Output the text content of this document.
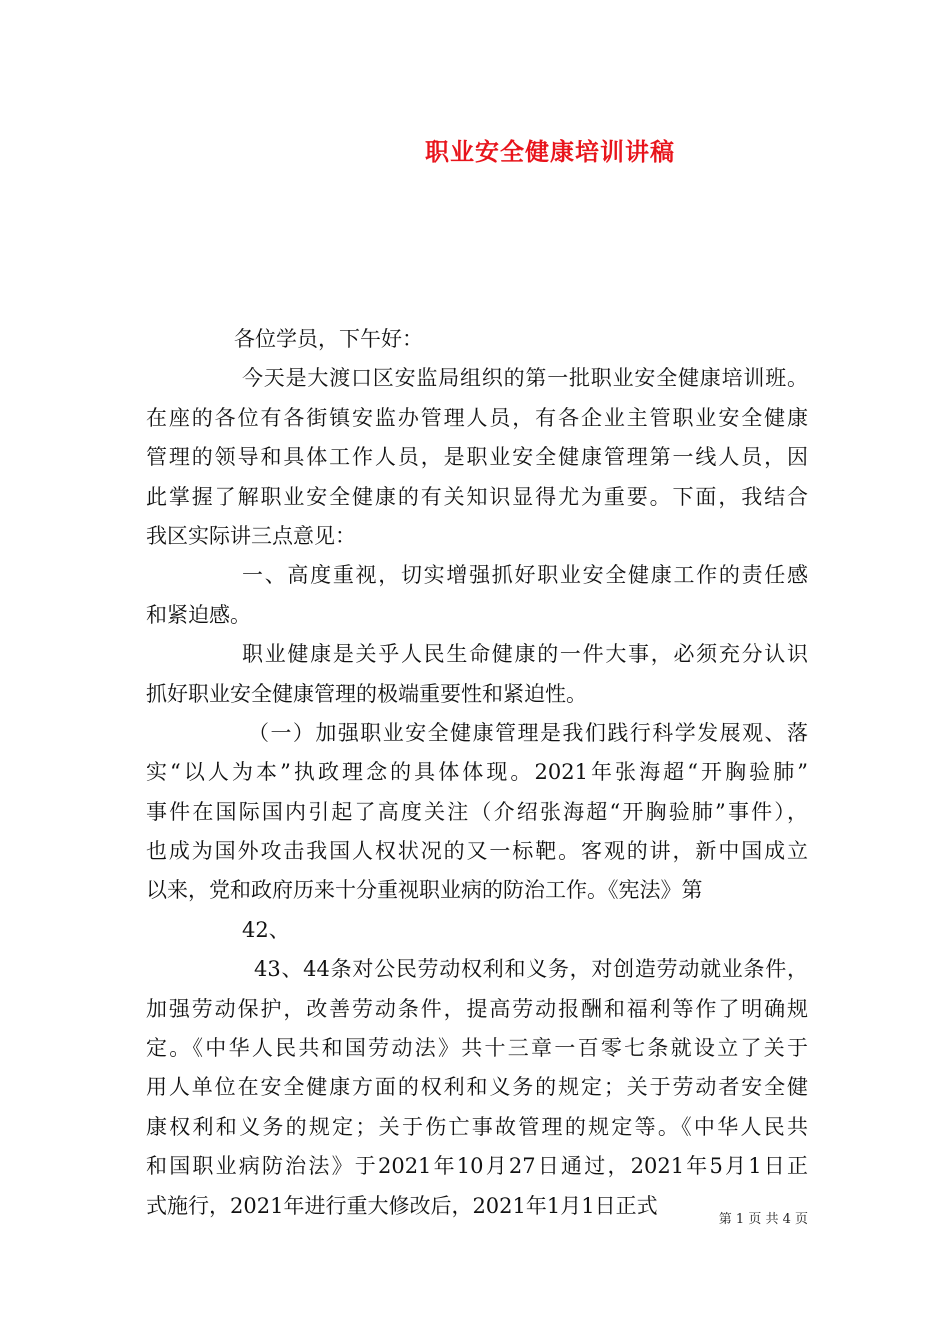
职业安全健康培训讲稿
各位学员，下午好：
今天是大渡口区安监局组织的第一批职业安全健康培训班。
在座的各位有各街镇安监办管理人员，有各企业主管职业安全健康
管理的领导和具体工作人员，是职业安全健康管理第一线人员，因
此掌握了解职业安全健康的有关知识显得尤为重要。下面，我结合
我区实际讲三点意见：
一、高度重视，切实增强抓好职业安全健康工作的责任感
和紧迫感。
职业健康是关乎人民生命健康的一件大事，必须充分认识
抓好职业安全健康管理的极端重要性和紧迫性。
（一）加强职业安全健康管理是我们践行科学发展观、落
实“以人为本”执政理念的具体体现。2021年张海超“开胸验肺”
事件在国际国内引起了高度关注（介绍张海超“开胸验肺”事件），
也成为国外攻击我国人权状况的又一标靶。客观的讲，新中国成立
以来，党和政府历来十分重视职业病的防治工作。《宪法》第
42、
43、44条对公民劳动权利和义务，对创造劳动就业条件，
加强劳动保护，改善劳动条件，提高劳动报酬和福利等作了明确规
定。《中华人民共和国劳动法》共十三章一百零七条就设立了关于
用人单位在安全健康方面的权利和义务的规定；关于劳动者安全健
康权利和义务的规定；关于伤亡事故管理的规定等。《中华人民共
和国职业病防治法》于2021年10月27日通过，2021年5月1日正
式施行，2021年进行重大修改后，2021年1月1日正式
第 1 页 共 4 页
